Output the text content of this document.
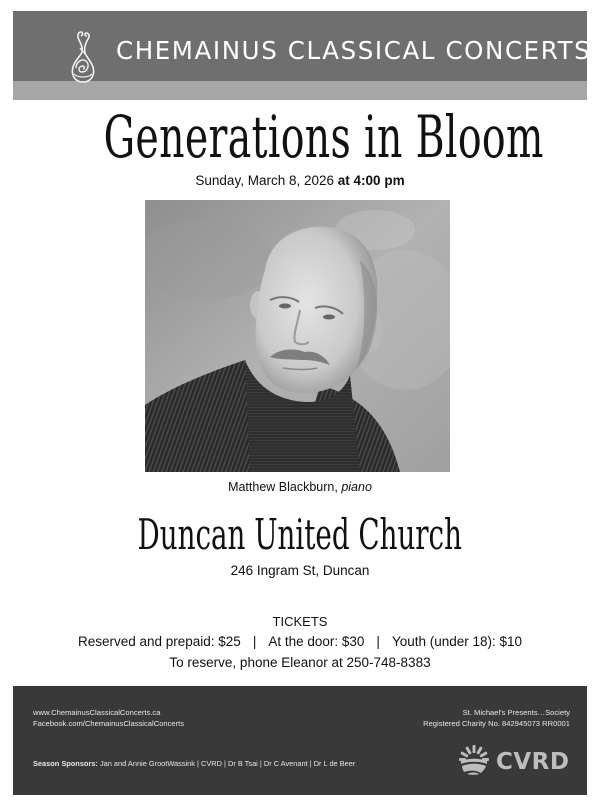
CHEMAINUS CLASSICAL CONCERTS
Generations in Bloom
Sunday, March 8, 2026 at 4:00 pm
Matthew Blackburn, piano
Duncan United Church
246 Ingram St, Duncan
TICKETS
Reserved and prepaid: $25 | At the door: $30 | Youth (under 18): $10
To reserve, phone Eleanor at 250-748-8383
www.ChemainusClassicalConcerts.ca
Facebook.com/ChemainusClassicalConcerts
St. Michael's Presents…Society
Registered Charity No. 842945073 RR0001
Season Sponsors: Jan and Annie GrootWassink | CVRD | Dr B Tsai | Dr C Avenant | Dr L de Beer	CVRD
